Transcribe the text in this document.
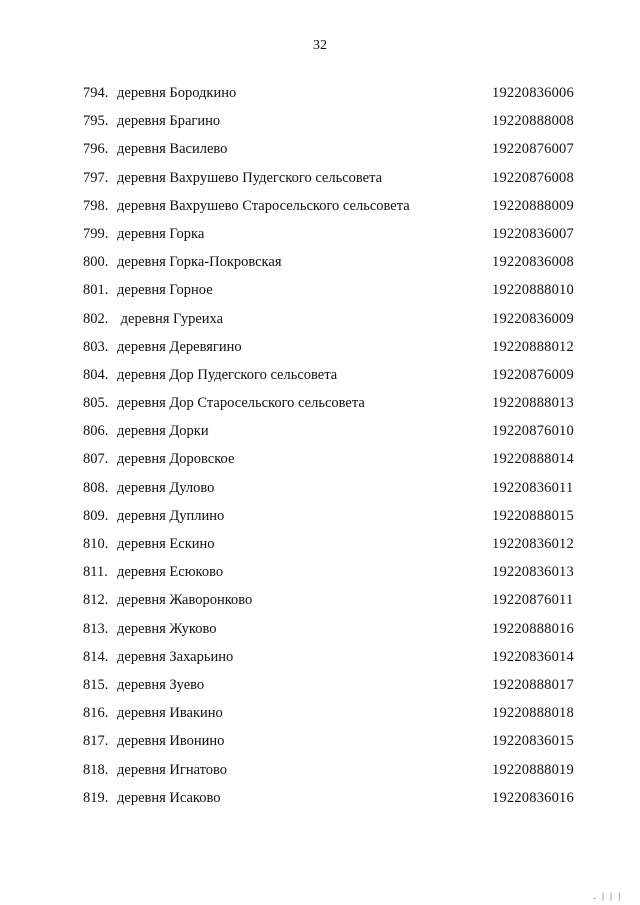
32
794. деревня Бородкино	19220836006
795. деревня Брагино	19220888008
796. деревня Василево	19220876007
797. деревня Вахрушево Пудегского сельсовета	19220876008
798. деревня Вахрушево Старосельского сельсовета	19220888009
799. деревня Горка	19220836007
800. деревня Горка-Покровская	19220836008
801. деревня Горное	19220888010
802. деревня Гуреиха	19220836009
803. деревня Деревягино	19220888012
804. деревня Дор Пудегского сельсовета	19220876009
805. деревня Дор Старосельского сельсовета	19220888013
806. деревня Дорки	19220876010
807. деревня Доровское	19220888014
808. деревня Дулово	19220836011
809. деревня Дуплино	19220888015
810. деревня Ескино	19220836012
811. деревня Есюково	19220836013
812. деревня Жаворонково	19220876011
813. деревня Жуково	19220888016
814. деревня Захарьино	19220836014
815. деревня Зуево	19220888017
816. деревня Ивакино	19220888018
817. деревня Ивонино	19220836015
818. деревня Игнатово	19220888019
819. деревня Исаково	19220836016
. | | |
